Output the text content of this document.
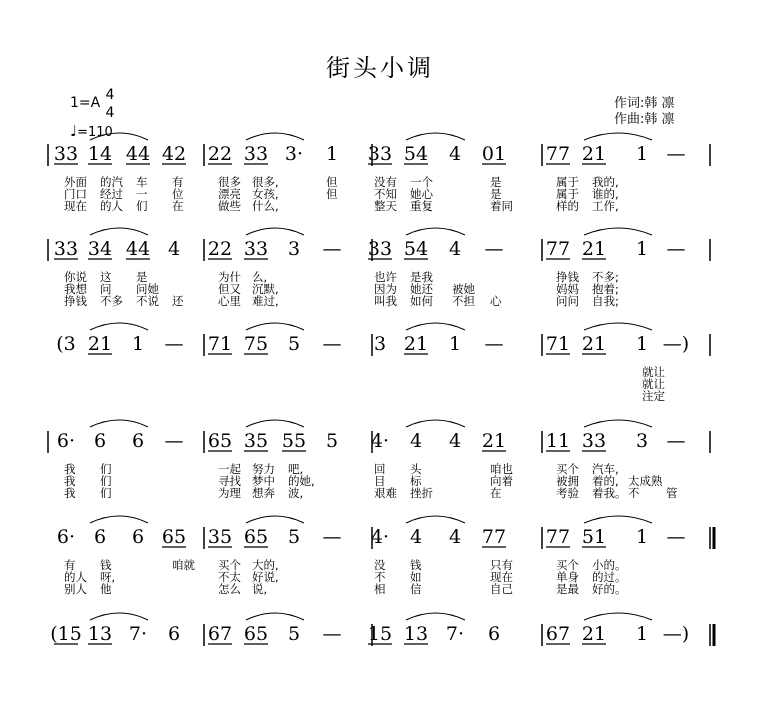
街头小调
作词:韩 凛
作曲:韩 凛
1=A 4
4
♩=110
33 14 44 42 22 33 3· 1 33 54 4 01 77 21 1 —
外面 的汽 车 有	很多 很多,	但	没有 一个	是	属于 我的,
门口 经过 一 位	漂亮 女孩,	但	不知 她心	是	属于 谁的,
现在 的人 们 在	做些 什么,	整天 重复	着同	样的 工作,
33 34 44 4 22 33 3 — 33 54 4 — 77 21 1 —
你说 这 是	为什 么,	也许 是我	挣钱 不多;
我想 问 问她	但又 沉默,	因为 她还 被她	妈妈 抱着;
挣钱 不多 不说 还	心里 难过,	叫我 如何 不担 心	问问 自我;
(3 21 1 — 71 75 5 — 3 21 1 — 71 21 1 —)
就让
就让
注定
6· 6 6 — 65 35 55 5 4· 4 4 21 11 33 3 —
我 们	一起 努力 吧,	回 头	咱也	买个 汽车,
我 们	寻找 梦中 的她,	目 标	向着	被拥 着的, 太成熟
我 们	为理 想奔 波,	艰难 挫折	在	考验 着我。 不 管
6· 6 6 65 35 65 5 — 4· 4 4 77 77 51 1 —
有 钱	咱就 买个 大的,	没 钱	只有	买个 小的。
的人 呀,	不太 好说,	不 如	现在	单身 的过。
别人 他	怎么 说,	相 信	自己	是最 好的。
(15 13 7· 6 67 65 5 — 15 13 7· 6 67 21 1 —)
